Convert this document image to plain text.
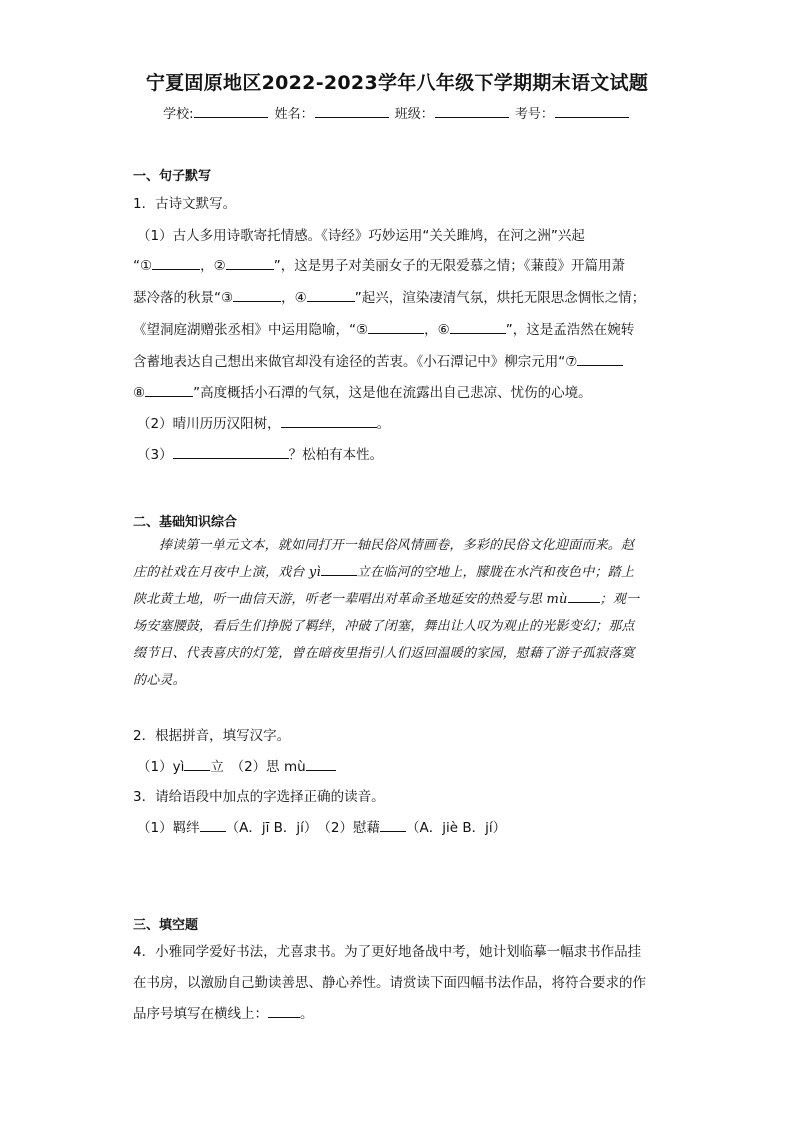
宁夏固原地区2022-2023学年八年级下学期期末语文试题
学校:	姓名：	班级：	考号：
一、句子默写
1．古诗文默写。
（1）古人多用诗歌寄托情感。《诗经》巧妙运用“关关雎鸠，在河之洲”兴起
“①	，②	”，这是男子对美丽女子的无限爱慕之情；《蒹葭》开篇用萧
瑟冷落的秋景“③	，④	”起兴，渲染凄清气氛，烘托无限思念惆怅之情；
《望洞庭湖赠张丞相》中运用隐喻，“⑤	，⑥	”，这是孟浩然在婉转
含蓄地表达自己想出来做官却没有途径的苦衷。《小石潭记中》柳宗元用“⑦
⑧	”高度概括小石潭的气氛，这是他在流露出自己悲凉、忧伤的心境。
（2）晴川历历汉阳树，	。
（3）	？松柏有本性。
二、基础知识综合
捧读第一单元文本，就如同打开一轴民俗风情画卷，多彩的民俗文化迎面而来。赵
庄的社戏在月夜中上演，戏台 yì	立在临河的空地上，朦胧在水汽和夜色中；踏上
陕北黄土地，听一曲信天游，听老一辈唱出对革命圣地延安的热爱与思 mù ；观一
场安塞腰鼓，看后生们挣脱了羁绊，冲破了闭塞，舞出让人叹为观止的光影变幻；那点
缀节日、代表喜庆的灯笼，曾在暗夜里指引人们返回温暖的家园，慰藉了游子孤寂落寞
的心灵。
2．根据拼音，填写汉字。
（1）yì 立　（2）思 mù
3．请给语段中加点的字选择正确的读音。
（1）羁绊 （A．jī B．jí）　（2）慰藉 （A．jiè B．jí）
三、填空题
4．小雅同学爱好书法，尤喜隶书。为了更好地备战中考，她计划临摹一幅隶书作品挂
在书房，以激励自己勤读善思、静心养性。请赏读下面四幅书法作品，将符合要求的作
品序号填写在横线上： 。
